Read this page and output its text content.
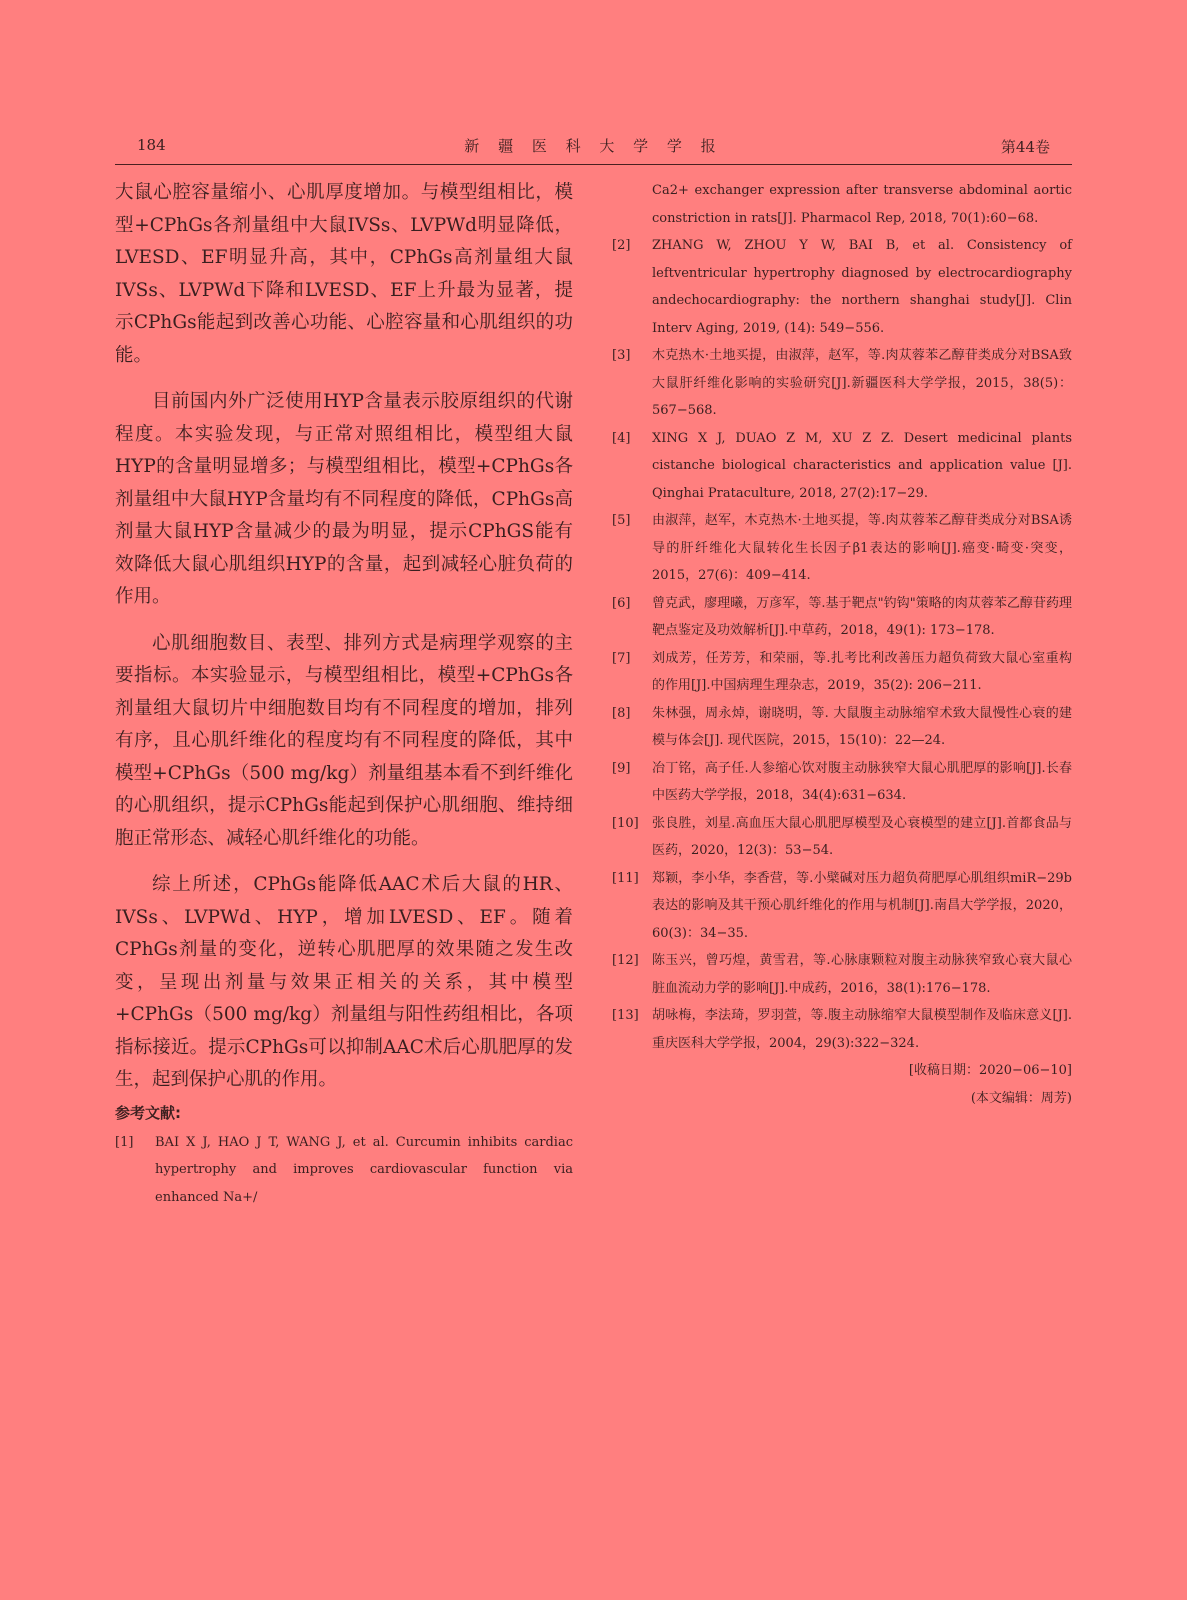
184	新 疆 医 科 大 学 学 报	第44卷

大鼠心腔容量缩小、心肌厚度增加。与模型组相比，模型+CPhGs各剂量组中大鼠IVSs、LVPWd明显降低，LVESD、EF明显升高，其中，CPhGs高剂量组大鼠IVSs、LVPWd下降和LVESD、EF上升最为显著，提示CPhGs能起到改善心功能、心腔容量和心肌组织的功能。

目前国内外广泛使用HYP含量表示胶原组织的代谢程度。本实验发现，与正常对照组相比，模型组大鼠HYP的含量明显增多；与模型组相比，模型+CPhGs各剂量组中大鼠HYP含量均有不同程度的降低，CPhGs高剂量大鼠HYP含量减少的最为明显，提示CPhGS能有效降低大鼠心肌组织HYP的含量，起到减轻心脏负荷的作用。

心肌细胞数目、表型、排列方式是病理学观察的主要指标。本实验显示，与模型组相比，模型+CPhGs各剂量组大鼠切片中细胞数目均有不同程度的增加，排列有序，且心肌纤维化的程度均有不同程度的降低，其中模型+CPhGs（500 mg/kg）剂量组基本看不到纤维化的心肌组织，提示CPhGs能起到保护心肌细胞、维持细胞正常形态、减轻心肌纤维化的功能。

综上所述，CPhGs能降低AAC术后大鼠的HR、IVSs、LVPWd、HYP，增加LVESD、EF。随着CPhGs剂量的变化，逆转心肌肥厚的效果随之发生改变，呈现出剂量与效果正相关的关系，其中模型+CPhGs（500 mg/kg）剂量组与阳性药组相比，各项指标接近。提示CPhGs可以抑制AAC术后心肌肥厚的发生，起到保护心肌的作用。

参考文献:
[1] BAI X J, HAO J T, WANG J, et al. Curcumin inhibits cardiac hypertrophy and improves cardiovascular function via enhanced Na+/
Ca2+ exchanger expression after transverse abdominal aortic constriction in rats[J]. Pharmacol Rep, 2018, 70(1):60−68.
[2] ZHANG W, ZHOU Y W, BAI B, et al. Consistency of leftventricular hypertrophy diagnosed by electrocardiography andechocardiography: the northern shanghai study[J]. Clin Interv Aging, 2019, (14): 549−556.
[3] 木克热木·土地买提，由淑萍，赵军，等.肉苁蓉苯乙醇苷类成分对BSA致大鼠肝纤维化影响的实验研究[J].新疆医科大学学报，2015，38(5)：567−568.
[4] XING X J, DUAO Z M, XU Z Z. Desert medicinal plants cistanche biological characteristics and application value [J]. Qinghai Prataculture, 2018, 27(2):17−29.
[5] 由淑萍，赵军，木克热木·土地买提，等.肉苁蓉苯乙醇苷类成分对BSA诱导的肝纤维化大鼠转化生长因子β1表达的影响[J].癌变·畸变·突变，2015，27(6)：409−414.
[6] 曾克武，廖理曦，万彦军，等.基于靶点"钓钩"策略的肉苁蓉苯乙醇苷药理靶点鉴定及功效解析[J].中草药，2018，49(1): 173−178.
[7] 刘成芳，任芳芳，和荣丽，等.扎考比利改善压力超负荷致大鼠心室重构的作用[J].中国病理生理杂志，2019，35(2): 206−211.
[8] 朱林强，周永焯，谢晓明，等. 大鼠腹主动脉缩窄术致大鼠慢性心衰的建模与体会[J]. 现代医院，2015，15(10)：22—24.
[9] 冶丁铭，高子任.人参缩心饮对腹主动脉狭窄大鼠心肌肥厚的影响[J].长春中医药大学学报，2018，34(4):631−634.
[10] 张良胜，刘星.高血压大鼠心肌肥厚模型及心衰模型的建立[J].首都食品与医药，2020，12(3)：53−54.
[11] 郑颖，李小华，李香营，等.小檗碱对压力超负荷肥厚心肌组织miR−29b表达的影响及其干预心肌纤维化的作用与机制[J].南昌大学学报，2020，60(3)：34−35.
[12] 陈玉兴，曾巧煌，黄雪君，等.心脉康颗粒对腹主动脉狭窄致心衰大鼠心脏血流动力学的影响[J].中成药，2016，38(1):176−178.
[13] 胡咏梅，李法琦，罗羽萱，等.腹主动脉缩窄大鼠模型制作及临床意义[J].重庆医科大学学报，2004，29(3):322−324.
[收稿日期：2020−06−10]
(本文编辑：周芳)
